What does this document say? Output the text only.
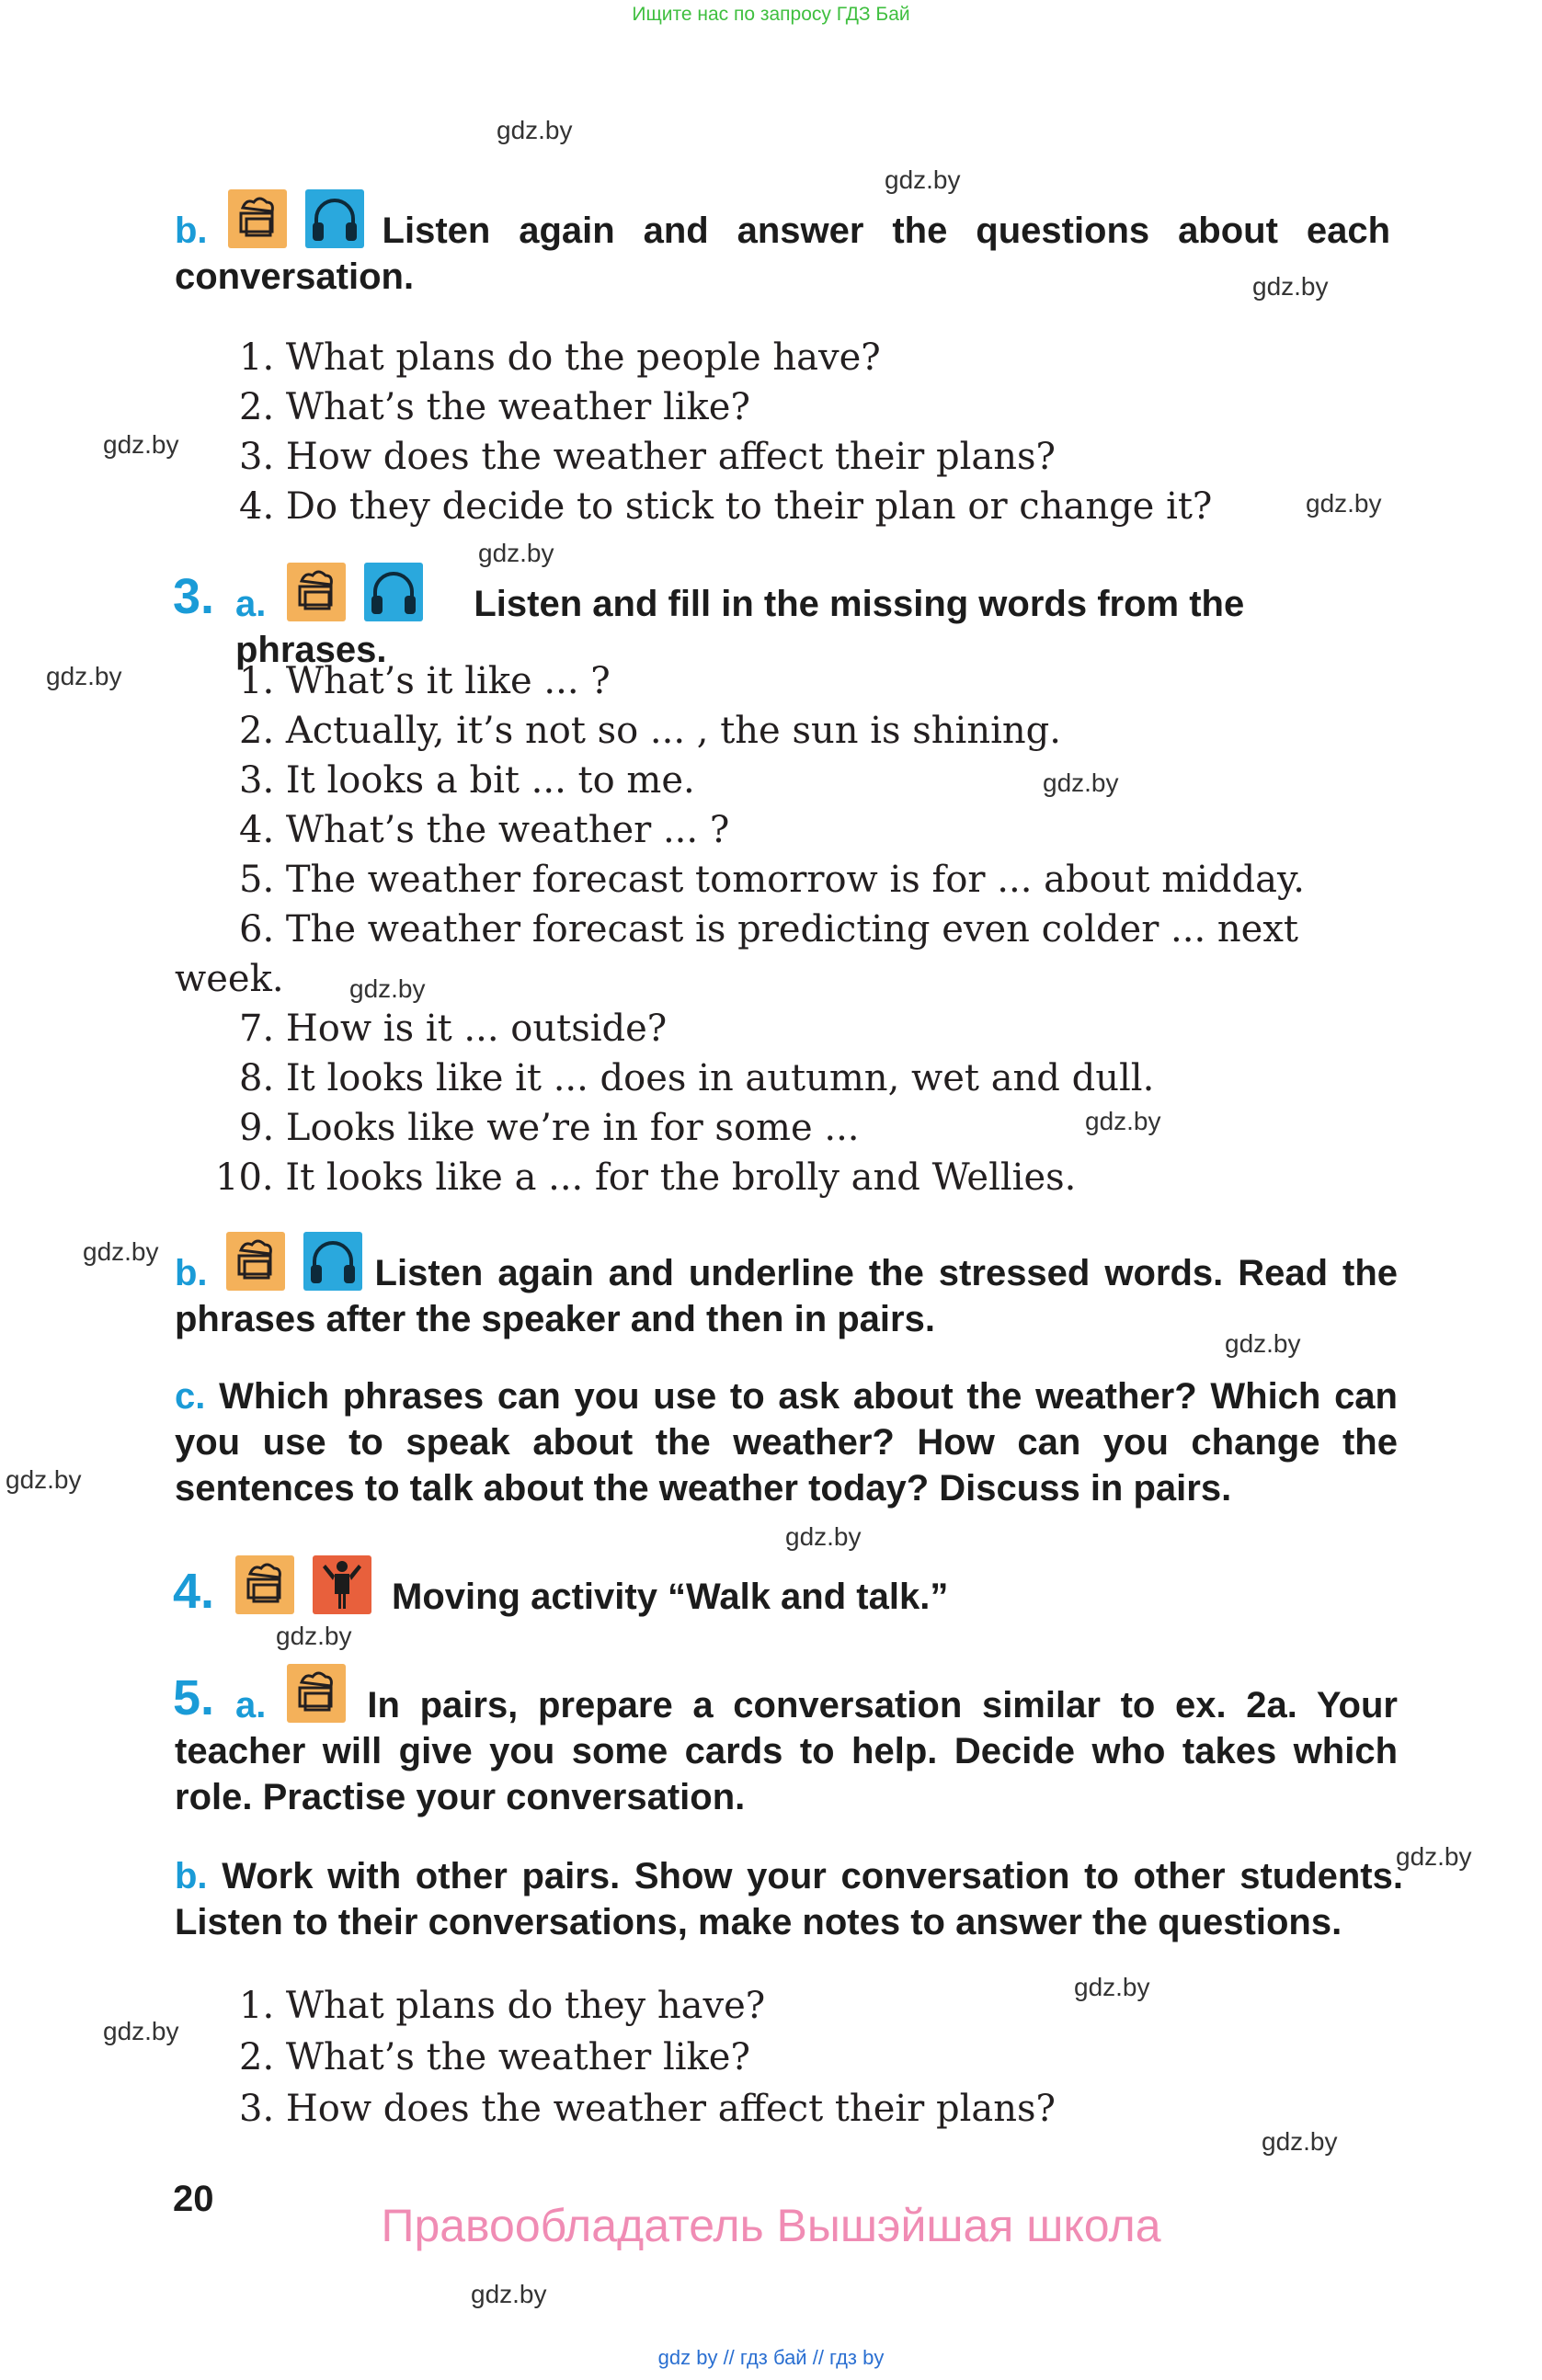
Ищите нас по запросу ГДЗ Бай
gdz.by
gdz.by
gdz.by
gdz.by
gdz.by
gdz.by
gdz.by
gdz.by
gdz.by
gdz.by
gdz.by
gdz.by
gdz.by
gdz.by
gdz.by
gdz.by
gdz.by
gdz.by
gdz.by
gdz.by
b.	Listen again and answer the questions about each conversation.
1. What plans do the people have?
2. What’s the weather like?
3. How does the weather affect their plans?
4. Do they decide to stick to their plan or change it?
3. a.	Listen and fill in the missing words from the phrases.
1. What’s it like ... ?
2. Actually, it’s not so ... , the sun is shining.
3. It looks a bit ... to me.
4. What’s the weather ... ?
5. The weather forecast tomorrow is for ... about midday.
6. The weather forecast is predicting even colder ... next
week.
7. How is it ... outside?
8. It looks like it ... does in autumn, wet and dull.
9. Looks like we’re in for some ...
10. It looks like a ... for the brolly and Wellies.
b.	Listen again and underline the stressed words. Read the phrases after the speaker and then in pairs.
c. Which phrases can you use to ask about the weather? Which can you use to speak about the weather? How can you change the sentences to talk about the weather today? Discuss in pairs.
4.	Moving activity “Walk and talk.”
5. a.	In pairs, prepare a conversation similar to ex. 2a. Your teacher will give you some cards to help. Decide who takes which role. Practise your conversation.
b. Work with other pairs. Show your conversation to other students. Listen to their conversations, make notes to answer the questions.
1. What plans do they have?
2. What’s the weather like?
3. How does the weather affect their plans?
20
Правообладатель Вышэйшая школа
gdz by // гдз бай // гдз by
